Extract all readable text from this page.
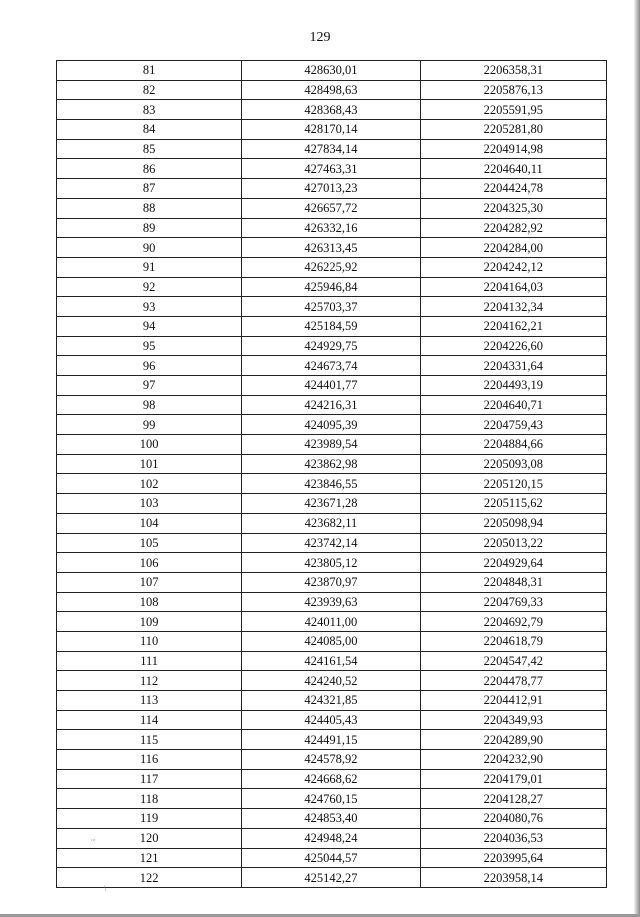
129
81	428630,01	2206358,31
82	428498,63	2205876,13
83	428368,43	2205591,95
84	428170,14	2205281,80
85	427834,14	2204914,98
86	427463,31	2204640,11
87	427013,23	2204424,78
88	426657,72	2204325,30
89	426332,16	2204282,92
90	426313,45	2204284,00
91	426225,92	2204242,12
92	425946,84	2204164,03
93	425703,37	2204132,34
94	425184,59	2204162,21
95	424929,75	2204226,60
96	424673,74	2204331,64
97	424401,77	2204493,19
98	424216,31	2204640,71
99	424095,39	2204759,43
100	423989,54	2204884,66
101	423862,98	2205093,08
102	423846,55	2205120,15
103	423671,28	2205115,62
104	423682,11	2205098,94
105	423742,14	2205013,22
106	423805,12	2204929,64
107	423870,97	2204848,31
108	423939,63	2204769,33
109	424011,00	2204692,79
110	424085,00	2204618,79
111	424161,54	2204547,42
112	424240,52	2204478,77
113	424321,85	2204412,91
114	424405,43	2204349,93
115	424491,15	2204289,90
116	424578,92	2204232,90
117	424668,62	2204179,01
118	424760,15	2204128,27
119	424853,40	2204080,76
120	424948,24	2204036,53
121	425044,57	2203995,64
122	425142,27	2203958,14
˙ˇ
\
